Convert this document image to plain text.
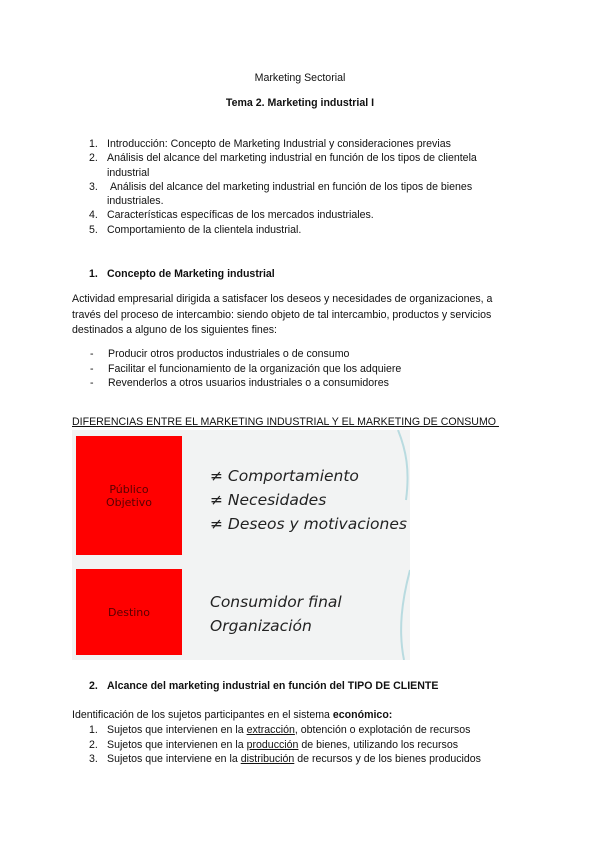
Marketing Sectorial
Tema 2. Marketing industrial I
1. Introducción: Concepto de Marketing Industrial y consideraciones previas
2. Análisis del alcance del marketing industrial en función de los tipos de clientela industrial
3. Análisis del alcance del marketing industrial en función de los tipos de bienes industriales.
4. Características específicas de los mercados industriales.
5. Comportamiento de la clientela industrial.
1. Concepto de Marketing industrial
Actividad empresarial dirigida a satisfacer los deseos y necesidades de organizaciones, a través del proceso de intercambio: siendo objeto de tal intercambio, productos y servicios destinados a alguno de los siguientes fines:
- Producir otros productos industriales o de consumo
- Facilitar el funcionamiento de la organización que los adquiere
- Revenderlos a otros usuarios industriales o a consumidores
DIFERENCIAS ENTRE EL MARKETING INDUSTRIAL Y EL MARKETING DE CONSUMO
Público
Objetivo
≠ Comportamiento
≠ Necesidades
≠ Deseos y motivaciones
Destino
Consumidor final
Organización
2. Alcance del marketing industrial en función del TIPO DE CLIENTE
Identificación de los sujetos participantes en el sistema económico:
1. Sujetos que intervienen en la extracción, obtención o explotación de recursos
2. Sujetos que intervienen en la producción de bienes, utilizando los recursos
3. Sujetos que interviene en la distribución de recursos y de los bienes producidos
